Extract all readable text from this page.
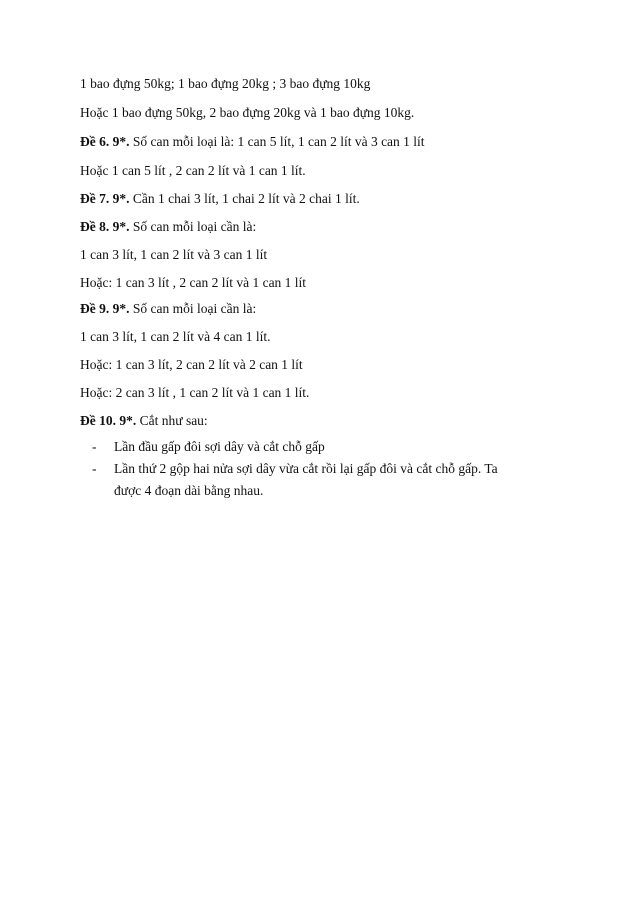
1 bao đựng 50kg; 1 bao đựng 20kg ; 3 bao đựng 10kg
Hoặc 1 bao đựng 50kg, 2 bao đựng 20kg và 1 bao đựng 10kg.
Đề 6. 9*. Số can mỗi loại là: 1 can 5 lít, 1 can 2 lít và 3 can 1 lít
Hoặc 1 can 5 lít , 2 can 2 lít và 1 can 1 lít.
Đề 7. 9*. Cần 1 chai 3 lít, 1 chai 2 lít và 2 chai 1 lít.
Đề 8. 9*. Số can mỗi loại cần là:
1 can 3 lít, 1 can 2 lít và 3 can 1 lít
Hoặc: 1 can 3 lít , 2 can 2 lít và 1 can 1 lít
Đề 9. 9*. Số can mỗi loại cần là:
1 can 3 lít, 1 can 2 lít và 4 can 1 lít.
Hoặc: 1 can 3 lít, 2 can 2 lít và 2 can 1 lít
Hoặc: 2 can 3 lít , 1 can 2 lít và 1 can 1 lít.
Đề 10. 9*. Cắt như sau:
- Lần đầu gấp đôi sợi dây và cắt chỗ gấp
- Lần thứ 2 gộp hai nửa sợi dây vừa cắt rồi lại gấp đôi và cắt chỗ gấp. Ta
được 4 đoạn dài bằng nhau.
